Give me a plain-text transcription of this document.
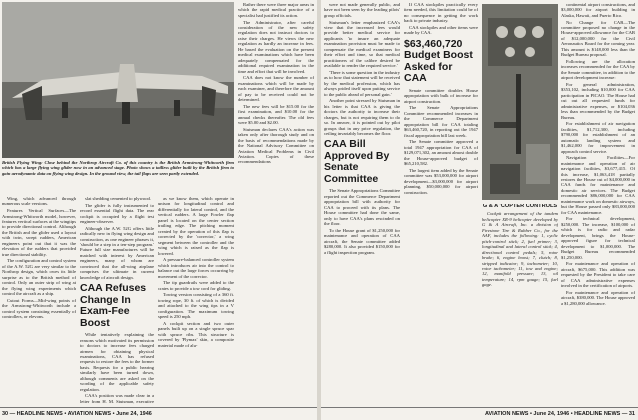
Rather there were three major areas in which the rapid medical practice of a specialist had justified its action.

The Administrator, after careful consideration of the new safety regulation does not instruct doctors to raise their charges. He views the new regulation as hardly an increase in fees. He based the evaluation on the present medical examinations which have been adequately compensated for the additional required examination in the time and effort that will be involved.

CAA does not know the number of examinations which will be made by each examiner, and therefore the amount of pay to be received could not be determined.

The new fees will be $15.00 for the first examination, and $10.00 for the annual checks thereafter. The old fees were $5.00 and $2.00.

Stutsman declares CAA's action was taken only after thorough study and on the basis of recommendations made by the National Advisory Committee on Aviation Medical Problems in Civil Aviation. Copies of these recommendations

British Flying Wing: Close behind the Northrop Aircraft Co. of this country is the British Armstrong-Whitworth firm which has a large flying wing glider now in an advanced stage. Photo shows a tailless glider built by the British firm to gain aerodynamic data on flying wing design. In the ground view, the tail flaps are seen partly extended.

Wing, which advanced through numerous scale versions.

Features Vertical Surfaces—The Armstrong-Whitworth model, however, features vertical surfaces at the wingtips to provide directional control. Although the British and the glider used a layout with twin, swept rudders, American engineers point out that it was the elevation of the rudders that provided true directional stability.

The configuration and control system of the A.W. 52G are very similar to the Northrop design, which owes its little surprise as to the British method of control. Only an outer strip of wing at the flying wing experiments which control the aircraft as a ship.

Cutout Forms—Mid-wing points of the Armstrong-Whitworth include a control system consisting essentially of controllers, or elevons.

slat shedding cemented to plywood.

The glider is fully instrumented to record essential flight data. The rear cockpit is occupied by a flight test engineer-observer.

Although the A.W. 52G offers little radically new in flying wing design and construction, as one engineer phrases it, 'should be a step in a ten-step program.' Future full size manufactures will be matched with interest by American engineers, many of whom are convinced that the all-wing airplane comprises the ultimate in current knowledge of aircraft design.

CAA Refuses Change In Exam-Fee Boost

While tentatively explaining the reasons which motivated its permission to doctors to increase fees charged airmen for obtaining physical examinations, CAA has refused requests to restore the fees to the former basis. Requests for a public hearing similarly have been turned down, although comments are asked on the wording of the applicable safety regulation.

CAA's position was made clear in a letter from H. M. Stutsman, executive

as we know them, which operate in unison for longitudinal control and differentially for lateral control, and the vertical rudders. A large Fowler flap panel is located on the center section trailing edge. The pitching moment created by the operation of this flap is corrected by the 'corrector,' a wing segment between the controller and the wing which is raised as the flap is lowered.

A pressure-balanced controller system which introduces air into the control to balance out the large forces occurring by movement of the corrector.

The tip guardrails were added to the crates to provide a tow cord for gliding.

Towing version consisting of a 360 ft. towing rope, 30 ft. of which is divided and attached to the wing tips in a V configuration. The maximum towing speed is 250 mph.

A cockpit section and two outer panels built up on a single spruce spar with spruce ribs. This structure is covered by 'Plymax' skin, a composite material made of alu-

30 — HEADLINE NEWS • AVIATION NEWS • June 24, 1946

were not made generally public, and have not been seen by the leading pilots' group officials.

Stutsman's letter emphasized CAA's view that the increased fees would provide better medical service for applicants 'to insure an adequate examination provision must be made to compensate the medical examiners for their effort and time, so that medical practitioners of the calibre desired be available to render the required service.'

'There is some question in the industry as to how that statement will be received by the medical profession, which has always prided itself upon putting service to the public ahead of personal gain.'

Another point stressed by Stutsman in his letter is that CAA is giving the doctors the authority to increase their charges, but is not requiring them to do so. In answer, it is pointed out by pilot groups that in any price regulation, the ceiling invariably becomes the floor.

CAA Bill Approved By Senate Committee

The Senate Appropriations Committee reported out the Commerce Department appropriation bill with authority for CAA to proceed with its plans. The House committee had done the same, only to have CAA's plans rescinded on the floor.

To the House grant of $1,250,000 for maintenance and operation of CAA aircraft, the Senate committee added $280,000. It also provided $150,000 for a flight inspection program.

If CAA stockpiles practically every item needed, this limitation could be of no consequence in getting the work back to private industry.

CAA stockpiles and other items were made by CAA.

$63,460,720 Budget Boost Asked for CAA

Senate committee doubles House appropriation with bulk of increase for airport construction.

The Senate Appropriations Committee recommended increases in the Commerce Department appropriation bill for CAA totaling $63,460,720, in reporting out the 1947 fiscal appropriation bill last week.

The Senate committee approved a total 1947 appropriation for CAA of $129,071,302, an amount almost double the House-approved budget of $65,210,582.

The largest item added by the Senate committee was $53,000,000 for airport development—$3,000,000 for airport planning, $50,000,000 for airport construction.

continental airport constructions, and $3,000,000 for airport building in Alaska, Hawaii, and Puerto Rico.

No Change for CAB—The committee proposed no change in the House-approved allowance for the CAB of $12,000,000 for the Civil Aeronautics Board for the coming year. This amount is $148,000 less than the Budget Bureau proposal.

Following are the allocation increases recommended for the CAA by the Senate committee, in addition to the airport development increase:

For general administration, $353,102, including $10,000 for CAA participation in PICAO. The House had cut out all requested funds for administrative expenses, or $104,036 less than recommended by the Budget Bureau.

For establishment of air navigation facilities, $1,712,300, including $790,000 for establishment of an automatic landing system and $1,462,000 for improvement in approach control service.

Navigation Facilities—For maintenance and operation of air navigation facilities, $3,677,415. Of this increase, $1,063,418 partially restores the House cut of $4,000,000 in CAA funds for maintenance and domestic air services. The Budget recommended $86,000,000 for CAA maintenance work on domestic airways, but the House passed only $83,000,000 for CAA maintenance.

For technical development, $250,000. The increase, $100,000 of which is for radio and radar development, brings the House-approved figure for technical development to $1,000,000. The Budget Bureau recommended $1,250,000.

For maintenance and operation of aircraft, $675,000. This addition was requested by the President to take care of CAA administrative expenses involved in the certification of airports.

For maintenance and operation of aircraft, $380,000. The House approved a $1,280,000 allowance.

G & A 'COPTER CONTROLS

Cockpit arrangement of the tandem helicopter XR-9 helicopter developed by G & A Aircraft, Inc. a division of Firestone Tire & Rubber Co., for the AAF, includes the following: 1, cyclic pitch-control stick; 2, fuel primer; 3, longitudinal and lateral control stick; 4, directional control pedals; 5, rotor brake; 6, engine boost; 7, clutch; 8, stripped indicator; 9, tachometer; 10, rotor tachometer; 11, tow and engine; 12, manifold pressure; 13, oil temperature; 14, rpm gauge; 15, fuel gage.

AVIATION NEWS • June 24, 1946 • HEADLINE NEWS — 31
